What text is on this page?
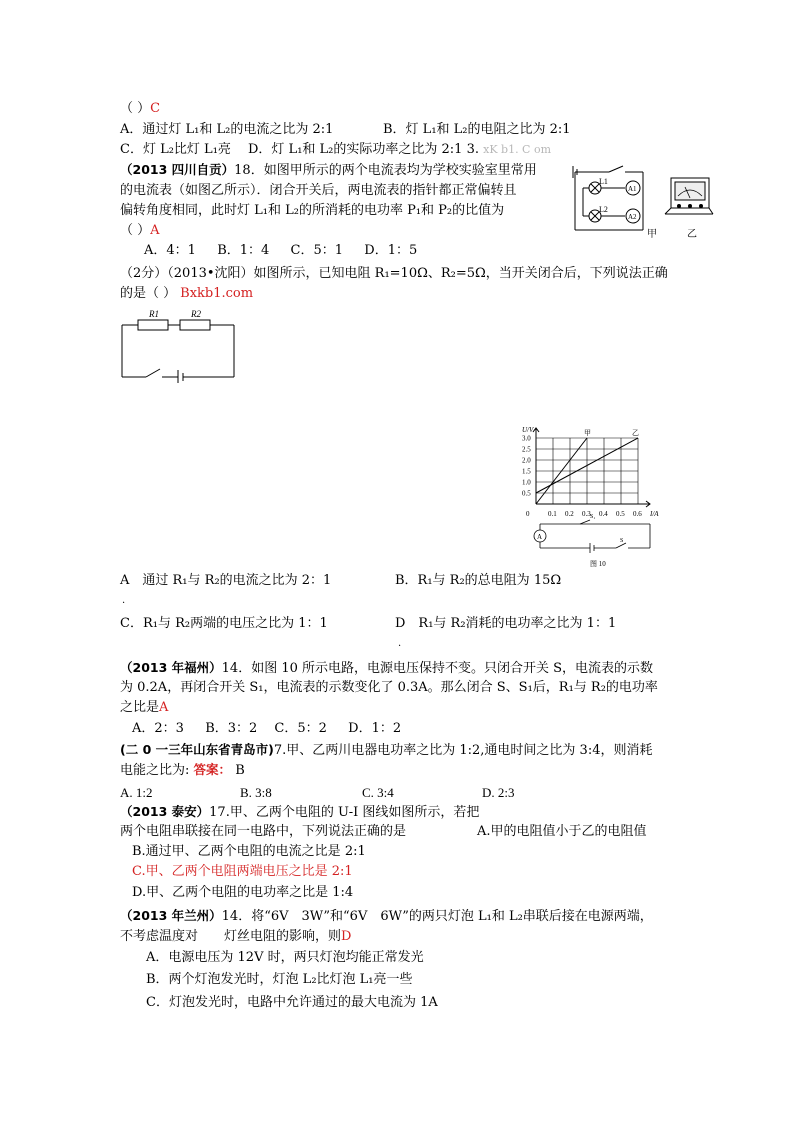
（ ）C
A．通过灯 L₁和 L₂的电流之比为 2:1	B．灯 L₁和 L₂的电阻之比为 2:1
C．灯 L₂比灯 L₁亮 D．灯 L₁和 L₂的实际功率之比为 2:1 3. xK b1. C om
（2013 四川自贡）18．如图甲所示的两个电流表均为学校实验室里常用
的电流表（如图乙所示）．闭合开关后，两电流表的指针都正常偏转且
偏转角度相同，此时灯 L₁和 L₂的所消耗的电功率 P₁和 P₂的比值为
（ ）A
A．4：1 　 B．1：4 　 C．5：1 　 D．1：5
L1
L2
A1
A2
甲	乙
（2分）（2013•沈阳）如图所示，已知电阻 R₁=10Ω、R₂=5Ω，当开关闭合后，下列说法正确
的是（ ） Bxkb1.com
R1	R2
3.0
2.5
2.0
1.5
1.0
0.5
0	0.1 0.2 0.3 0.4 0.5 0.6
U/V
I/A
甲	乙
A
S₁
S
图 10
A　通过 R₁与 R₂的电流之比为 2：1	B．R₁与 R₂的总电阻为 15Ω
.
C．R₁与 R₂两端的电压之比为 1：1	D　R₁与 R₂消耗的电功率之比为 1：1
.
（2013 年福州）14．如图 10 所示电路，电源电压保持不变。只闭合开关 S，电流表的示数
为 0.2A，再闭合开关 S₁，电流表的示数变化了 0.3A。那么闭合 S、S₁后，R₁与 R₂的电功率
之比是A
A．2：3 　 B．3：2 　C．5：2 　 D．1：2
(二 0 一三年山东省青岛市)7.甲、乙两川电器电功率之比为 1:2,通电时间之比为 3:4，则消耗
电能之比为: 答案： B
A. 1:2	B. 3:8	C. 3:4	D. 2:3
（2013 泰安）17.甲、乙两个电阻的 U-I 图线如图所示，若把
两个电阻串联接在同一电路中，下列说法正确的是	A.甲的电阻值小于乙的电阻值
B.通过甲、乙两个电阻的电流之比是 2:1
C.甲、乙两个电阻两端电压之比是 2:1
D.甲、乙两个电阻的电功率之比是 1:4
（2013 年兰州）14．将“6V　3W”和“6V　6W”的两只灯泡 L₁和 L₂串联后接在电源两端，
不考虑温度对　　灯丝电阻的影响，则D
A．电源电压为 12V 时，两只灯泡均能正常发光
B．两个灯泡发光时，灯泡 L₂比灯泡 L₁亮一些
C．灯泡发光时，电路中允许通过的最大电流为 1A
